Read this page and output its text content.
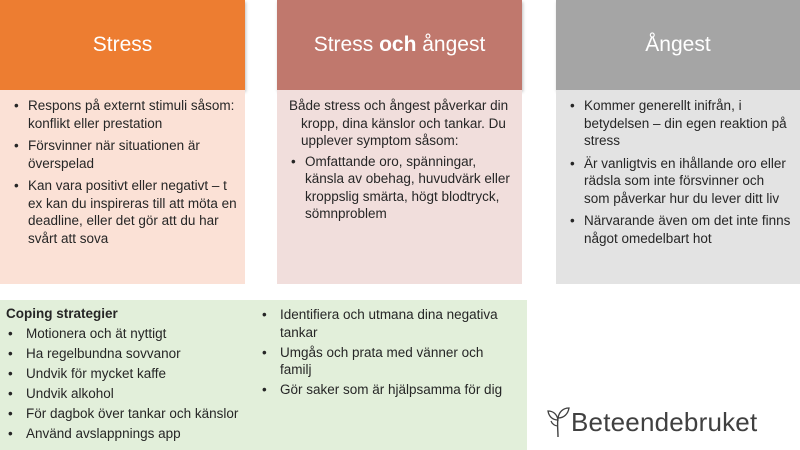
Stress
• Respons på externt stimuli såsom: konflikt eller prestation
• Försvinner när situationen är överspelad
• Kan vara positivt eller negativt – t ex kan du inspireras till att möta en deadline, eller det gör att du har svårt att sova
Stress och ångest
Både stress och ångest påverkar din kropp, dina känslor och tankar. Du upplever symptom såsom:
• Omfattande oro, spänningar, känsla av obehag, huvudvärk eller kroppslig smärta, högt blodtryck, sömnproblem
Ångest
• Kommer generellt inifrån, i betydelsen – din egen reaktion på stress
• Är vanligtvis en ihållande oro eller rädsla som inte försvinner och som påverkar hur du lever ditt liv
• Närvarande även om det inte finns något omedelbart hot
Coping strategier
• Motionera och ät nyttigt
• Ha regelbundna sovvanor
• Undvik för mycket kaffe
• Undvik alkohol
• För dagbok över tankar och känslor
• Använd avslappnings app
• Identifiera och utmana dina negativa tankar
• Umgås och prata med vänner och familj
• Gör saker som är hjälpsamma för dig
Beteendebruket
